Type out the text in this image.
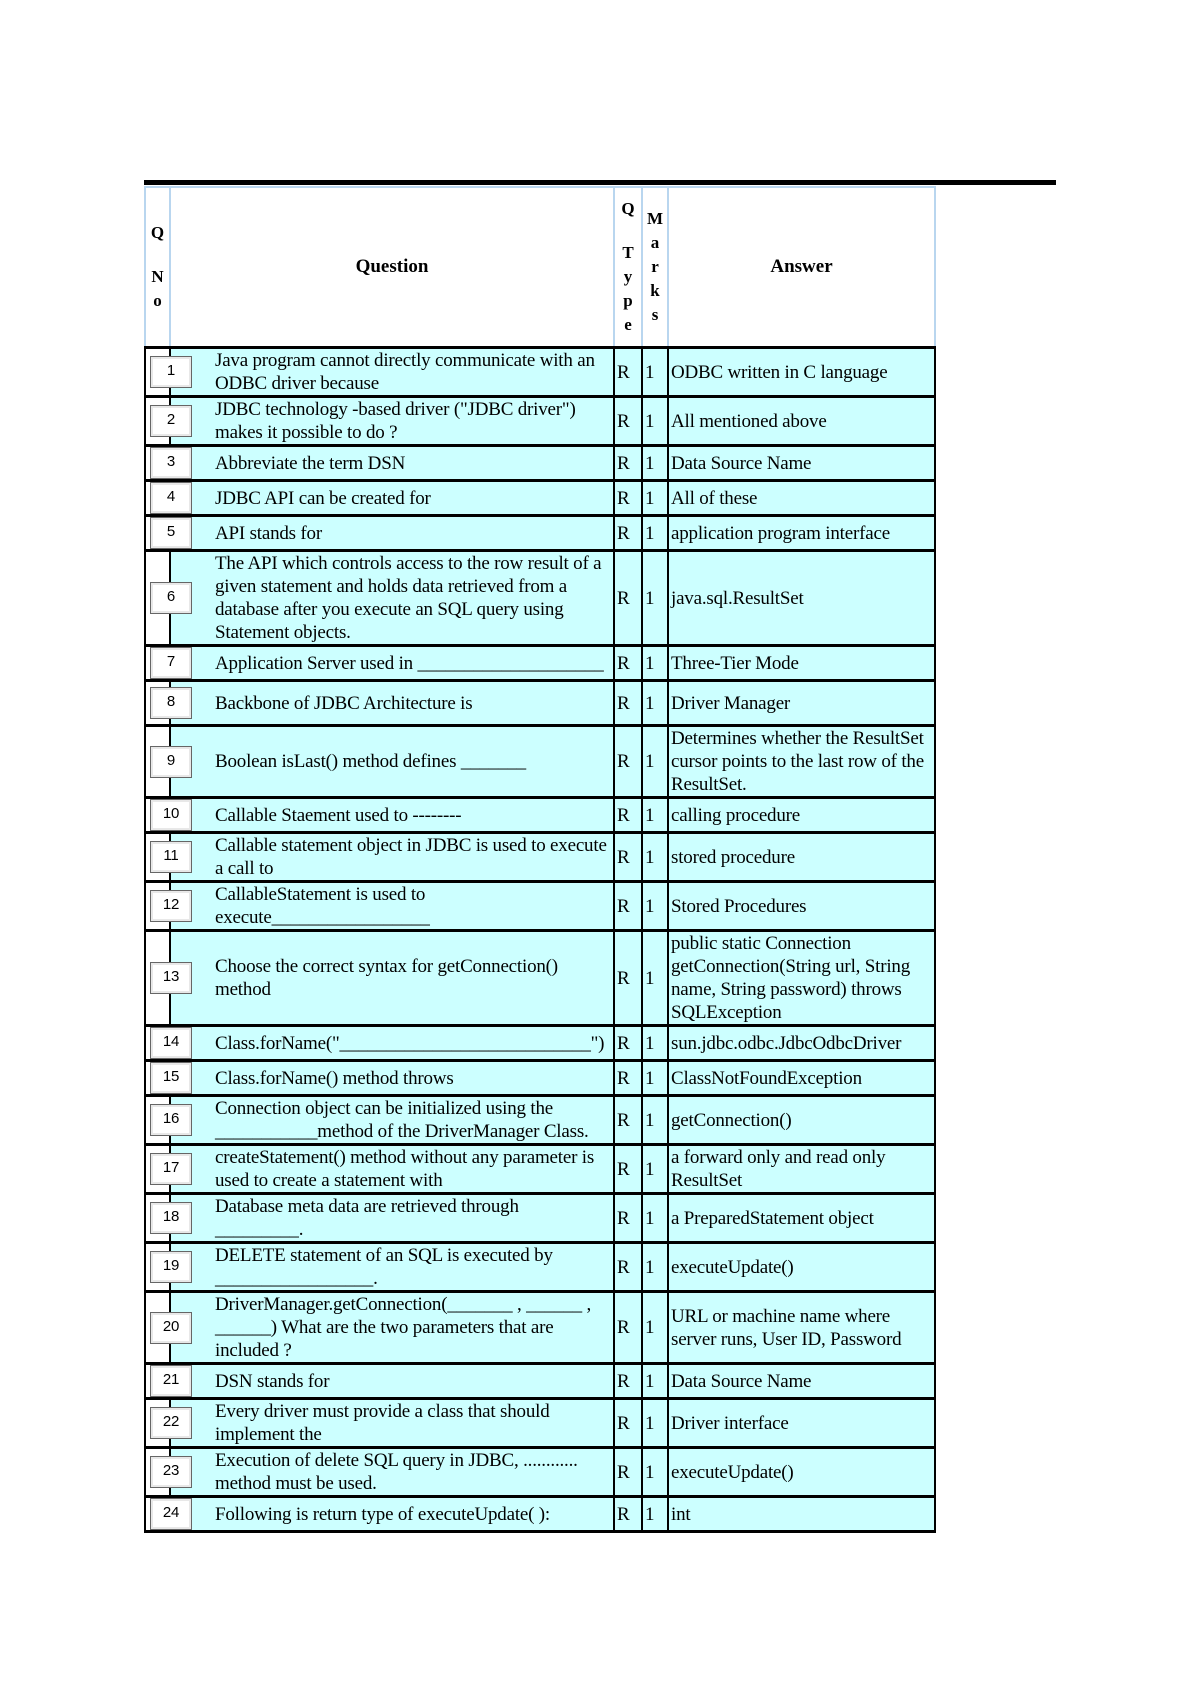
Q
N
o	Question	Q
T
y
p
e	M
a
r
k
s	Answer

1	Java program cannot directly communicate with an ODBC driver because	R	1	ODBC written in C language

2	JDBC technology -based driver ("JDBC driver") makes it possible to do ?	R	1	All mentioned above

3	Abbreviate the term DSN	R	1	Data Source Name

4	JDBC API can be created for	R	1	All of these

5	API stands for	R	1	application program interface

6	The API which controls access to the row result of a given statement and holds data retrieved from a database after you execute an SQL query using Statement objects.	R	1	java.sql.ResultSet

7	Application Server used in ____________________	R	1	Three-Tier Mode

8	Backbone of JDBC Architecture is	R	1	Driver Manager

9	Boolean isLast() method defines _______	R	1	Determines whether the ResultSet cursor points to the last row of the ResultSet.

10	Callable Staement used to --------	R	1	calling procedure

11	Callable statement object in JDBC is used to execute a call to	R	1	stored procedure

12	CallableStatement is used to execute_________________	R	1	Stored Procedures

13	Choose the correct syntax for getConnection() method	R	1	public static Connection getConnection(String url, String name, String password) throws SQLException

14	Class.forName("___________________________")	R	1	sun.jdbc.odbc.JdbcOdbcDriver

15	Class.forName() method throws	R	1	ClassNotFoundException

16	Connection object can be initialized using the ___________method of the DriverManager Class.	R	1	getConnection()

17	createStatement() method without any parameter is used to create a statement with	R	1	a forward only and read only ResultSet

18	Database meta data are retrieved through _________.	R	1	a PreparedStatement object

19	DELETE statement of an SQL is executed by _________________.	R	1	executeUpdate()

20	DriverManager.getConnection(_______ , ______ , ______) What are the two parameters that are included ?	R	1	URL or machine name where server runs, User ID, Password

21	DSN stands for	R	1	Data Source Name

22	Every driver must provide a class that should implement the	R	1	Driver interface

23	Execution of delete SQL query in JDBC, ............ method must be used.	R	1	executeUpdate()

24	Following is return type of executeUpdate( ):	R	1	int
